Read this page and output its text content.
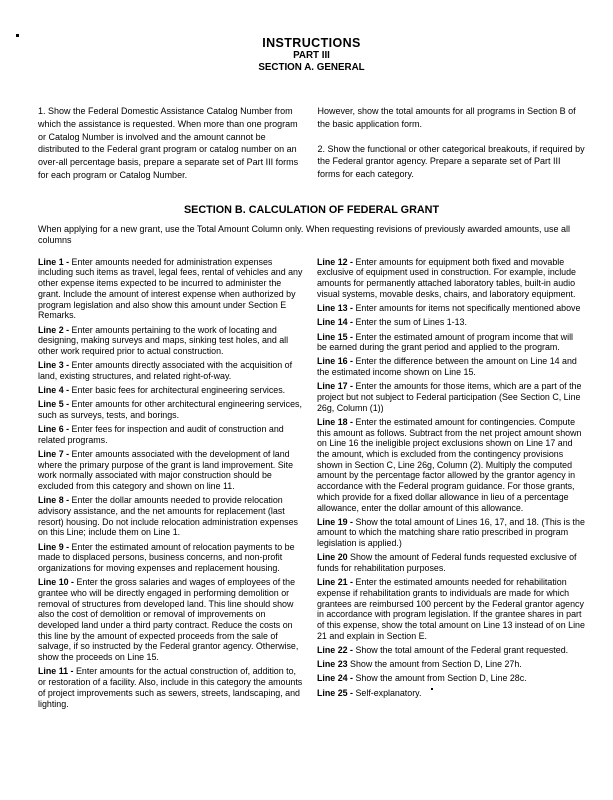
INSTRUCTIONS
PART III
SECTION A. GENERAL

1. Show the Federal Domestic Assistance Catalog Number from which the assistance is requested. When more than one program or Catalog Number is involved and the amount cannot be distributed to the Federal grant program or catalog number on an over-all percentage basis, prepare a separate set of Part III forms for each program or Catalog Number.

However, show the total amounts for all programs in Section B of the basic application form.

2. Show the functional or other categorical breakouts, if required by the Federal grantor agency. Prepare a separate set of Part III forms for each category.

SECTION B. CALCULATION OF FEDERAL GRANT

When applying for a new grant, use the Total Amount Column only. When requesting revisions of previously awarded amounts, use all columns

Line 1 - Enter amounts needed for administration expenses including such items as travel, legal fees, rental of vehicles and any other expense items expected to be incurred to administer the grant. Include the amount of interest expense when authorized by program legislation and also show this amount under Section E Remarks.

Line 2 - Enter amounts pertaining to the work of locating and designing, making surveys and maps, sinking test holes, and all other work required prior to actual construction.

Line 3 - Enter amounts directly associated with the acquisition of land, existing structures, and related right-of-way.

Line 4 - Enter basic fees for architectural engineering services.

Line 5 - Enter amounts for other architectural engineering services, such as surveys, tests, and borings.

Line 6 - Enter fees for inspection and audit of construction and related programs.

Line 7 - Enter amounts associated with the development of land where the primary purpose of the grant is land improvement. Site work normally associated with major construction should be excluded from this category and shown on line 11.

Line 8 - Enter the dollar amounts needed to provide relocation advisory assistance, and the net amounts for replacement (last resort) housing. Do not include relocation administration expenses on this Line; include them on Line 1.

Line 9 - Enter the estimated amount of relocation payments to be made to displaced persons, business concerns, and non-profit organizations for moving expenses and replacement housing.

Line 10 - Enter the gross salaries and wages of employees of the grantee who will be directly engaged in performing demolition or removal of structures from developed land. This line should show also the cost of demolition or removal of improvements on developed land under a third party contract. Reduce the costs on this line by the amount of expected proceeds from the sale of salvage, if so instructed by the Federal grantor agency. Otherwise, show the proceeds on Line 15.

Line 11 - Enter amounts for the actual construction of, addition to, or restoration of a facility. Also, include in this category the amounts of project improvements such as sewers, streets, landscaping, and lighting.

Line 12 - Enter amounts for equipment both fixed and movable exclusive of equipment used in construction. For example, include amounts for permanently attached laboratory tables, built-in audio visual systems, movable desks, chairs, and laboratory equipment.

Line 13 - Enter amounts for items not specifically mentioned above

Line 14 - Enter the sum of Lines 1-13.

Line 15 - Enter the estimated amount of program income that will be earned during the grant period and applied to the program.

Line 16 - Enter the difference between the amount on Line 14 and the estimated income shown on Line 15.

Line 17 - Enter the amounts for those items, which are a part of the project but not subject to Federal participation (See Section C, Line 26g, Column (1))

Line 18 - Enter the estimated amount for contingencies. Compute this amount as follows. Subtract from the net project amount shown on Line 16 the ineligible project exclusions shown on Line 17 and the amount, which is excluded from the contingency provisions shown in Section C, Line 26g, Column (2). Multiply the computed amount by the percentage factor allowed by the grantor agency in accordance with the Federal program guidance. For those grants, which provide for a fixed dollar allowance in lieu of a percentage allowance, enter the dollar amount of this allowance.

Line 19 - Show the total amount of Lines 16, 17, and 18. (This is the amount to which the matching share ratio prescribed in program legislation is applied.)

Line 20 Show the amount of Federal funds requested exclusive of funds for rehabilitation purposes.

Line 21 - Enter the estimated amounts needed for rehabilitation expense if rehabilitation grants to individuals are made for which grantees are reimbursed 100 percent by the Federal grantor agency in accordance with program legislation. If the grantee shares in part of this expense, show the total amount on Line 13 instead of on Line 21 and explain in Section E.

Line 22 - Show the total amount of the Federal grant requested.

Line 23 Show the amount from Section D, Line 27h.

Line 24 - Show the amount from Section D, Line 28c.

Line 25 - Self-explanatory.
